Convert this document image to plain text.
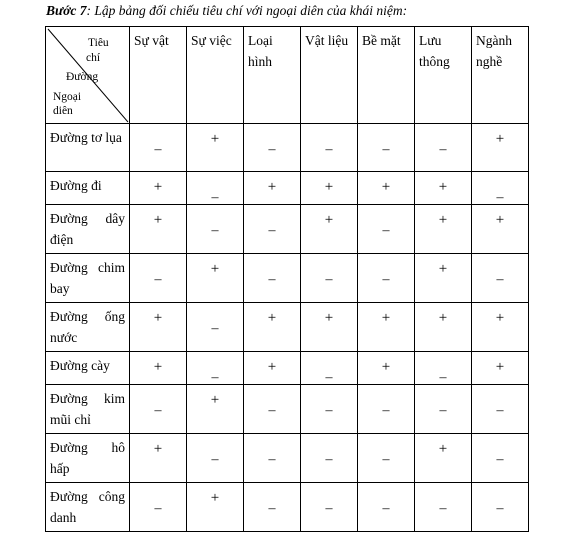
Bước 7: Lập bảng đối chiếu tiêu chí với ngoại diên của khái niệm:
Tiêu
chí
Đường
Ngoại
diên	Sự vật	Sự việc	Loại hình	Vật liệu	Bề mặt	Lưu thông	Ngành nghề
Đường tơ lụa	–	+	–	–	–	–	+

Đường đi	+	–	+	+	+	+	–

Đường dây điện	+	–	–	+	–	+	+

Đường chim bay	–	+	–	–	–	+	–

Đường ống nước	+	–	+	+	+	+	+

Đường cày	+	–	+	–	+	–	+

Đường kim mũi chỉ	–	+	–	–	–	–	–

Đường hô hấp	+	–	–	–	–	+	–

Đường công danh	–	+	–	–	–	–	–
